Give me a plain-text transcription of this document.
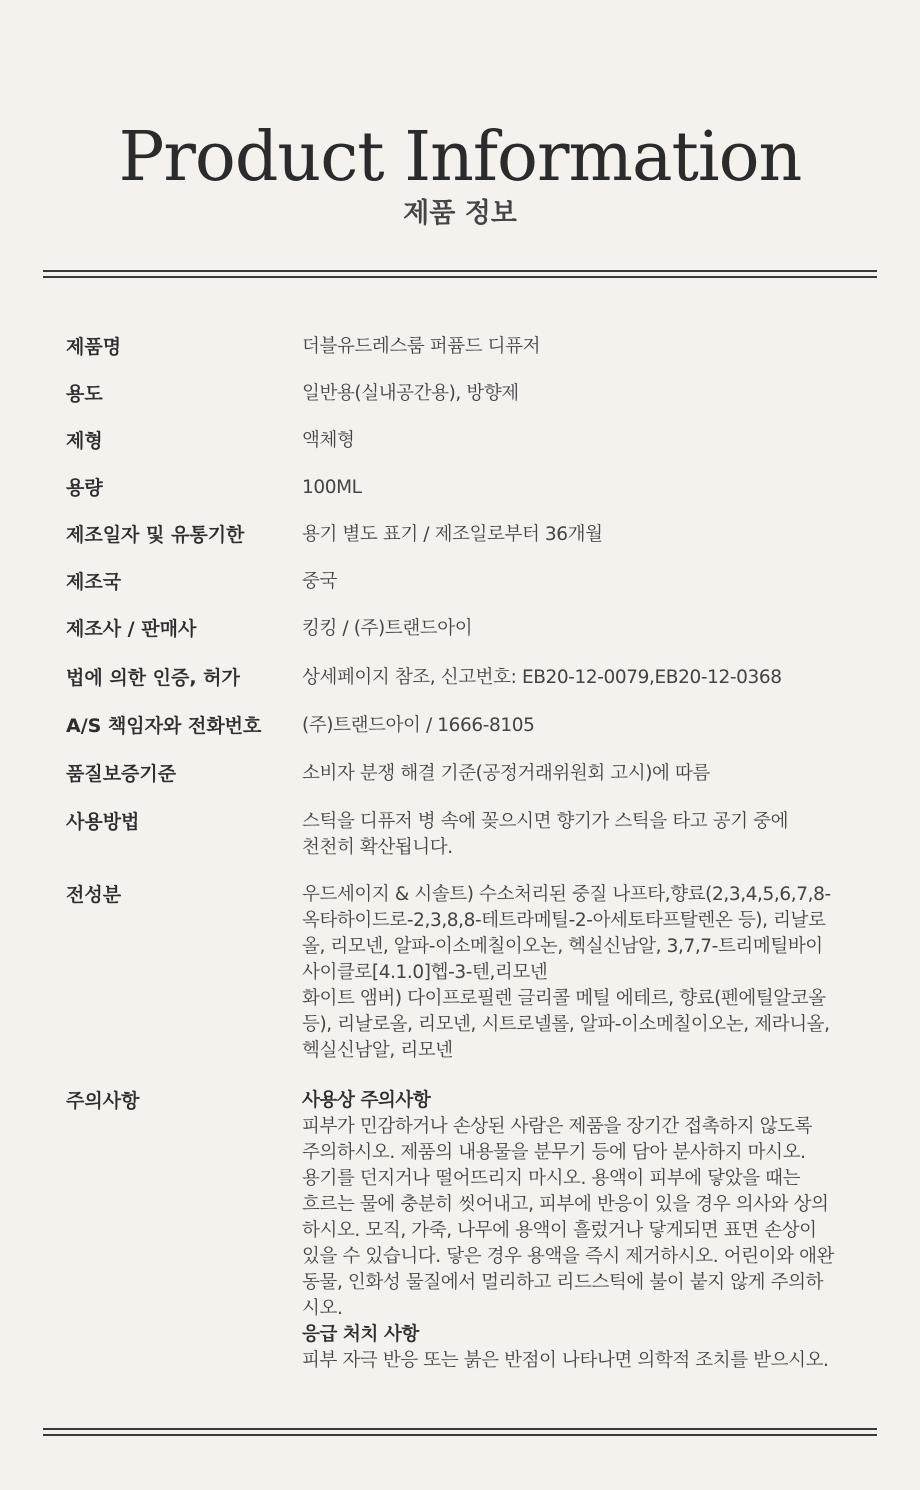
Product Information
제품 정보
제품명	더블유드레스룸 퍼퓸드 디퓨저
용도	일반용(실내공간용), 방향제
제형	액체형
용량	100ML
제조일자 및 유통기한	용기 별도 표기 / 제조일로부터 36개월
제조국	중국
제조사 / 판매사	킹킹 / (주)트랜드아이
법에 의한 인증, 허가	상세페이지 참조, 신고번호: EB20-12-0079,EB20-12-0368
A/S 책임자와 전화번호	(주)트랜드아이 / 1666-8105
품질보증기준	소비자 분쟁 해결 기준(공정거래위원회 고시)에 따름
사용방법	스틱을 디퓨저 병 속에 꽂으시면 향기가 스틱을 타고 공기 중에
천천히 확산됩니다.
전성분	우드세이지 & 시솔트) 수소처리된 중질 나프타,향료(2,3,4,5,6,7,8-
옥타하이드로-2,3,8,8-테트라메틸-2-아세토타프탈렌온 등), 리날로
올, 리모넨, 알파-이소메칠이오논, 헥실신남알, 3,7,7-트리메틸바이
사이클로[4.1.0]헵-3-텐,리모넨
화이트 앰버) 다이프로필렌 글리콜 메틸 에테르, 향료(펜에틸알코올
등), 리날로올, 리모넨, 시트로넬롤, 알파-이소메칠이오논, 제라니올,
헥실신남알, 리모넨
주의사항	사용상 주의사항
피부가 민감하거나 손상된 사람은 제품을 장기간 접촉하지 않도록
주의하시오. 제품의 내용물을 분무기 등에 담아 분사하지 마시오.
용기를 던지거나 떨어뜨리지 마시오. 용액이 피부에 닿았을 때는
흐르는 물에 충분히 씻어내고, 피부에 반응이 있을 경우 의사와 상의
하시오. 모직, 가죽, 나무에 용액이 흘렀거나 닿게되면 표면 손상이
있을 수 있습니다. 닿은 경우 용액을 즉시 제거하시오. 어린이와 애완
동물, 인화성 물질에서 멀리하고 리드스틱에 불이 붙지 않게 주의하
시오.
응급 처치 사항
피부 자극 반응 또는 붉은 반점이 나타나면 의학적 조치를 받으시오.
